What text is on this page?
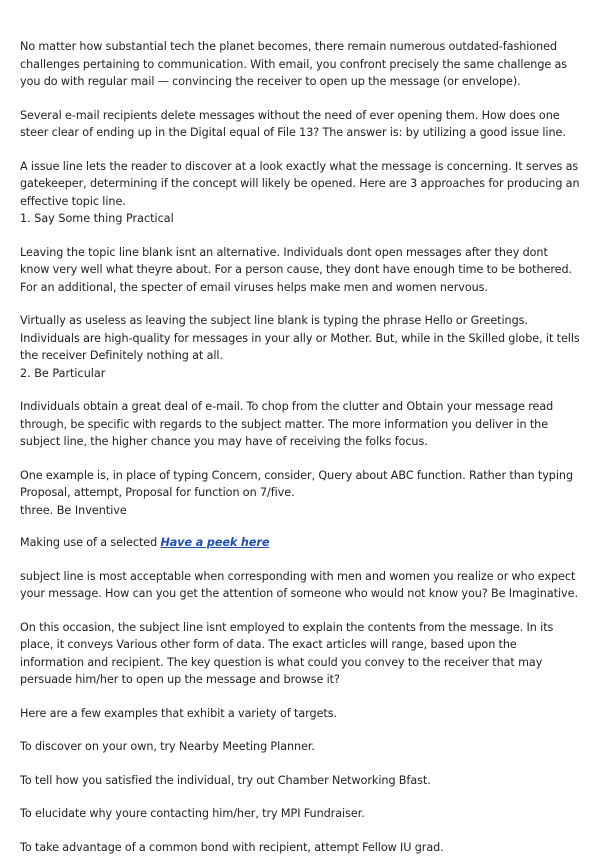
No matter how substantial tech the planet becomes, there remain numerous outdated-fashioned challenges pertaining to communication. With email, you confront precisely the same challenge as you do with regular mail — convincing the receiver to open up the message (or envelope).

Several e-mail recipients delete messages without the need of ever opening them. How does one steer clear of ending up in the Digital equal of File 13? The answer is: by utilizing a good issue line.

A issue line lets the reader to discover at a look exactly what the message is concerning. It serves as gatekeeper, determining if the concept will likely be opened. Here are 3 approaches for producing an effective topic line.

1. Say Some thing Practical

Leaving the topic line blank isnt an alternative. Individuals dont open messages after they dont know very well what theyre about. For a person cause, they dont have enough time to be bothered. For an additional, the specter of email viruses helps make men and women nervous.

Virtually as useless as leaving the subject line blank is typing the phrase Hello or Greetings. Individuals are high-quality for messages in your ally or Mother. But, while in the Skilled globe, it tells the receiver Definitely nothing at all.

2. Be Particular

Individuals obtain a great deal of e-mail. To chop from the clutter and Obtain your message read through, be specific with regards to the subject matter. The more information you deliver in the subject line, the higher chance you may have of receiving the folks focus.

One example is, in place of typing Concern, consider, Query about ABC function. Rather than typing Proposal, attempt, Proposal for function on 7/five.

three. Be Inventive

Making use of a selected Have a peek here

subject line is most acceptable when corresponding with men and women you realize or who expect your message. How can you get the attention of someone who would not know you? Be Imaginative.

On this occasion, the subject line isnt employed to explain the contents from the message. In its place, it conveys Various other form of data. The exact articles will range, based upon the information and recipient. The key question is what could you convey to the receiver that may persuade him/her to open up the message and browse it?

Here are a few examples that exhibit a variety of targets.

To discover on your own, try Nearby Meeting Planner.

To tell how you satisfied the individual, try out Chamber Networking Bfast.

To elucidate why youre contacting him/her, try MPI Fundraiser.

To take advantage of a common bond with recipient, attempt Fellow IU grad.
